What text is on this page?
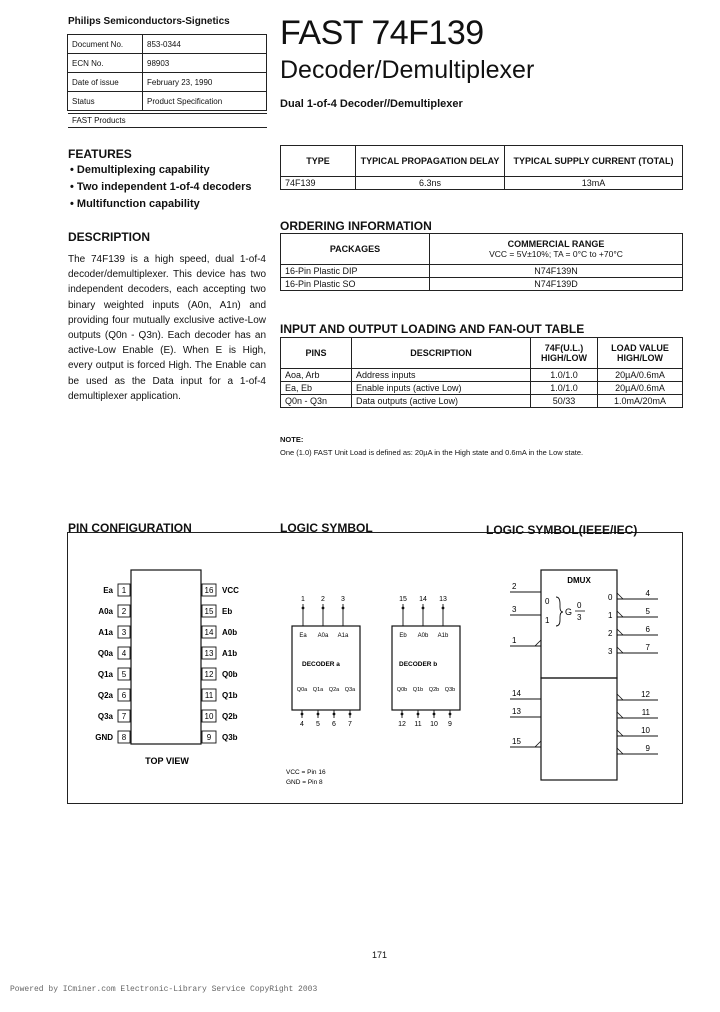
Philips Semiconductors-Signetics
Document No.	853-0344
ECN No.	98903
Date of issue	February 23, 1990
Status	Product Specification
FAST Products
FAST 74F139
Decoder/Demultiplexer
Dual 1-of-4 Decoder//Demultiplexer
FEATURES
• Demultiplexing capability
• Two independent 1-of-4 decoders
• Multifunction capability
DESCRIPTION
The 74F139 is a high speed, dual 1-of-4 decoder/demultiplexer. This device has two independent decoders, each accepting two binary weighted inputs (A0n, A1n) and providing four mutually exclusive active-Low outputs (Q0n - Q3n). Each decoder has an active-Low Enable (E). When E is High, every output is forced High. The Enable can be used as the Data input for a 1-of-4 demultiplexer application.
TYPE	TYPICAL PROPAGATION DELAY	TYPICAL SUPPLY CURRENT (TOTAL)
74F139	6.3ns	13mA
ORDERING INFORMATION
PACKAGES	COMMERCIAL RANGE
VCC = 5V±10%; TA = 0°C to +70°C

16-Pin Plastic DIP	N74F139N
16-Pin Plastic SO	N74F139D
INPUT AND OUTPUT LOADING AND FAN-OUT TABLE
PINS	DESCRIPTION	74F(U.L.) HIGH/LOW	LOAD VALUE HIGH/LOW
Aoa, Arb	Address inputs	1.0/1.0	20µA/0.6mA
Ea, Eb	Enable inputs (active Low)	1.0/1.0	20µA/0.6mA
Q0n - Q3n	Data outputs (active Low)	50/33	1.0mA/20mA
NOTE:
One (1.0) FAST Unit Load is defined as: 20µA in the High state and 0.6mA in the Low state.
PIN CONFIGURATION	LOGIC SYMBOL	LOGIC SYMBOL(IEEE/IEC)
1
Ea
2
A0a
3
A1a
4
Q0a
5
Q1a
6
Q2a
7
Q3a
8
GND
16 VCC
15 Eb
14 A0b
13 A1b
12 Q0b
11 Q1b
10 Q2b
9 Q3b
TOP VIEW
DECODER a	DECODER b
1
Ea
2
A0a
3
A1a
15
Eb
14
A0b
13
A1b
Q0a
4
Q1a
5
Q2a
6
Q3a
7
Q0b
12
Q1b
11
Q2b
10
Q3b
9
VCC = Pin 16
GND = Pin 8
DMUX
0
1
G
0
3
0
1
2
3
2
3
1
14
13
15
4
5
6
7
12
11
10
9
171
Powered by ICminer.com Electronic-Library Service CopyRight 2003
